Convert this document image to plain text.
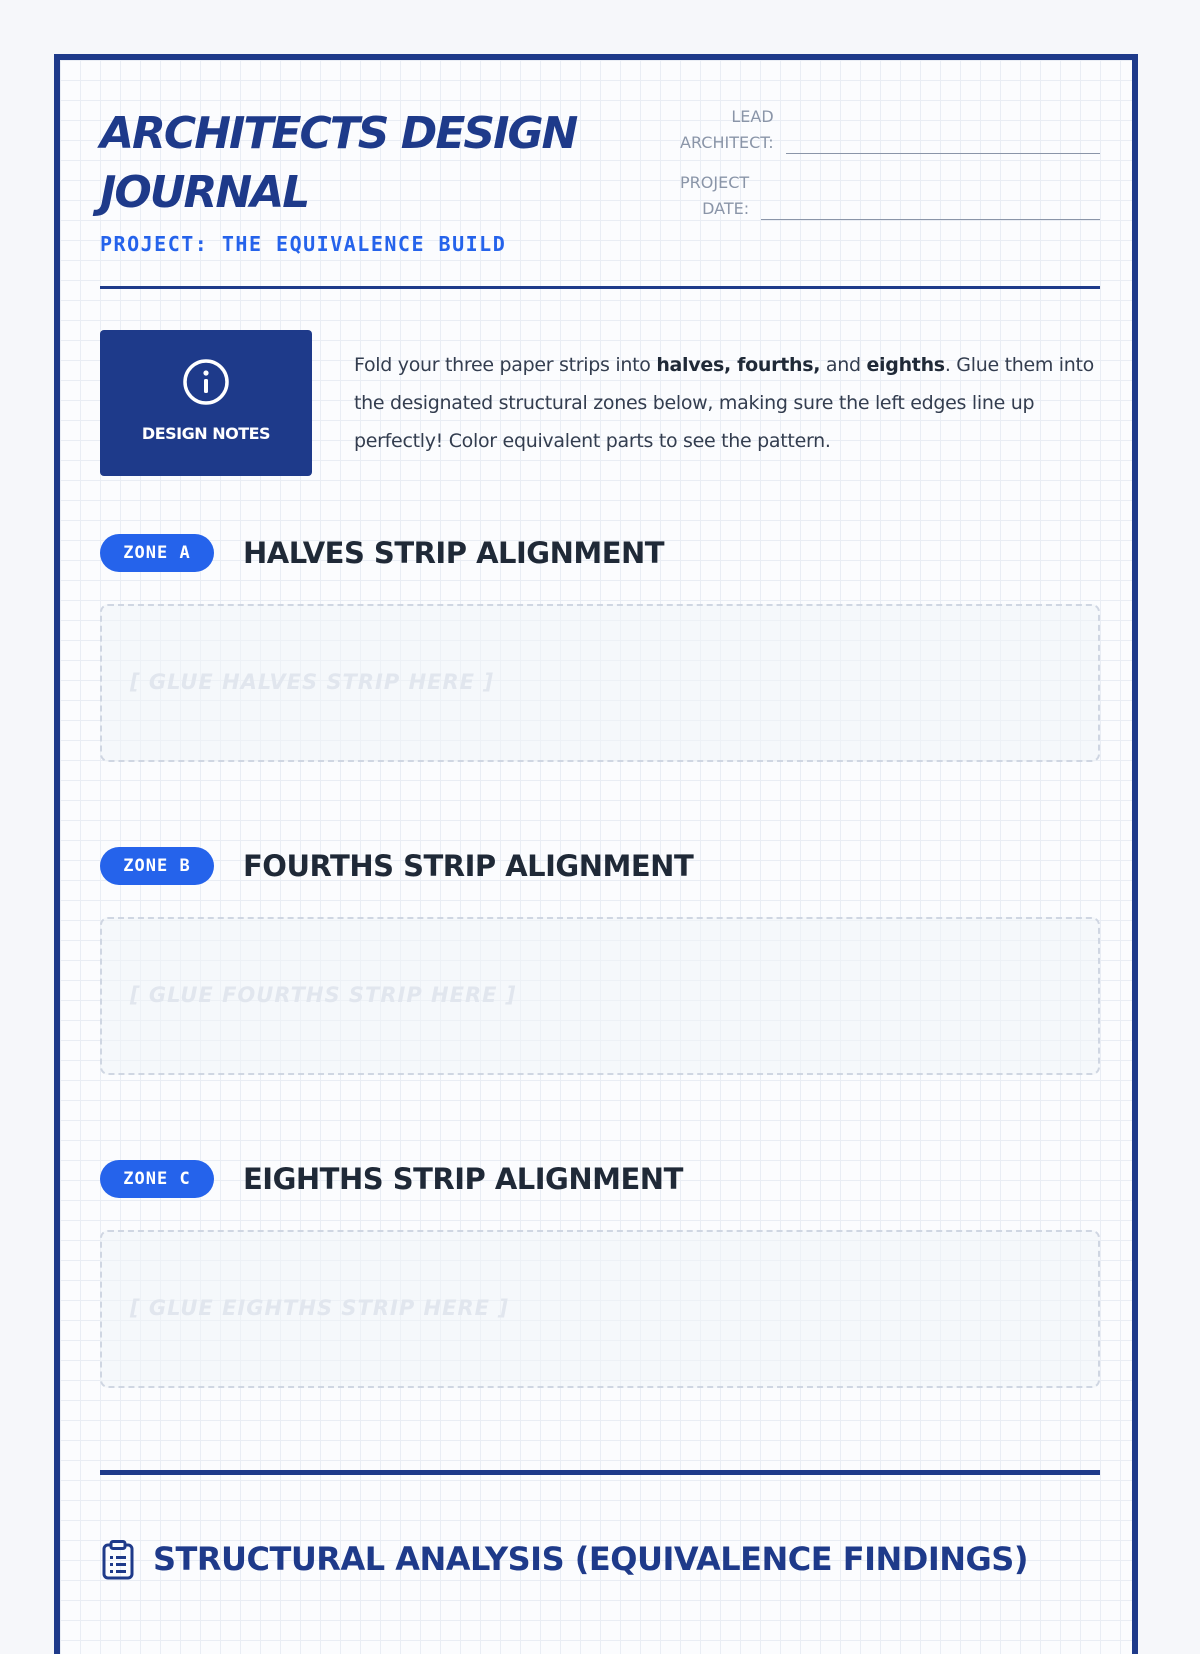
ARCHITECTS DESIGN JOURNAL
PROJECT: THE EQUIVALENCE BUILD
LEAD
ARCHITECT:
PROJECT
DATE:
DESIGN NOTES

Fold your three paper strips into halves, fourths, and eighths. Glue them into the designated structural zones below, making sure the left edges line up perfectly! Color equivalent parts to see the pattern.

ZONE A	HALVES STRIP ALIGNMENT
[ GLUE HALVES STRIP HERE ]
ZONE B	FOURTHS STRIP ALIGNMENT
[ GLUE FOURTHS STRIP HERE ]
ZONE C	EIGHTHS STRIP ALIGNMENT
[ GLUE EIGHTHS STRIP HERE ]
STRUCTURAL ANALYSIS (EQUIVALENCE FINDINGS)
